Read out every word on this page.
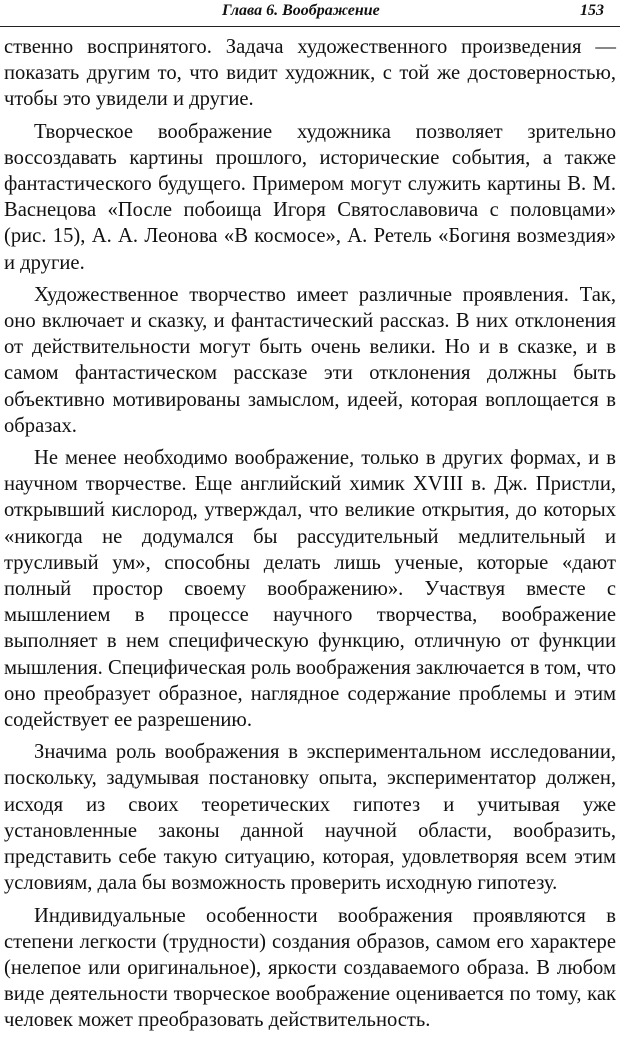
Глава 6. Воображение	153

ственно воспринятого. Задача художественного произведения — показать другим то, что видит художник, с той же достоверностью, чтобы это увидели и другие.

Творческое воображение художника позволяет зрительно воссоздавать картины прошлого, исторические события, а также фантастического будущего. Примером могут служить картины В. М. Васнецова «После побоища Игоря Святославовича с половцами» (рис. 15), А. А. Леонова «В космосе», А. Ретель «Богиня возмездия» и другие.

Художественное творчество имеет различные проявления. Так, оно включает и сказку, и фантастический рассказ. В них отклонения от действительности могут быть очень велики. Но и в сказке, и в самом фантастическом рассказе эти отклонения должны быть объективно мотивированы замыслом, идеей, которая воплощается в образах.

Не менее необходимо воображение, только в других формах, и в научном творчестве. Еще английский химик XVIII в. Дж. Пристли, открывший кислород, утверждал, что великие открытия, до которых «никогда не додумался бы рассудительный медлительный и трусливый ум», способны делать лишь ученые, которые «дают полный простор своему воображению». Участвуя вместе с мышлением в процессе научного творчества, воображение выполняет в нем специфическую функцию, отличную от функции мышления. Специфическая роль воображения заключается в том, что оно преобразует образное, наглядное содержание проблемы и этим содействует ее разрешению.

Значима роль воображения в экспериментальном исследовании, поскольку, задумывая постановку опыта, экспериментатор должен, исходя из своих теоретических гипотез и учитывая уже установленные законы данной научной области, вообразить, представить себе такую ситуацию, которая, удовлетворяя всем этим условиям, дала бы возможность проверить исходную гипотезу.

Индивидуальные особенности воображения проявляются в степени легкости (трудности) создания образов, самом его характере (нелепое или оригинальное), яркости создаваемого образа. В любом виде деятельности творческое воображение оценивается по тому, как человек может преобразовать действительность.
